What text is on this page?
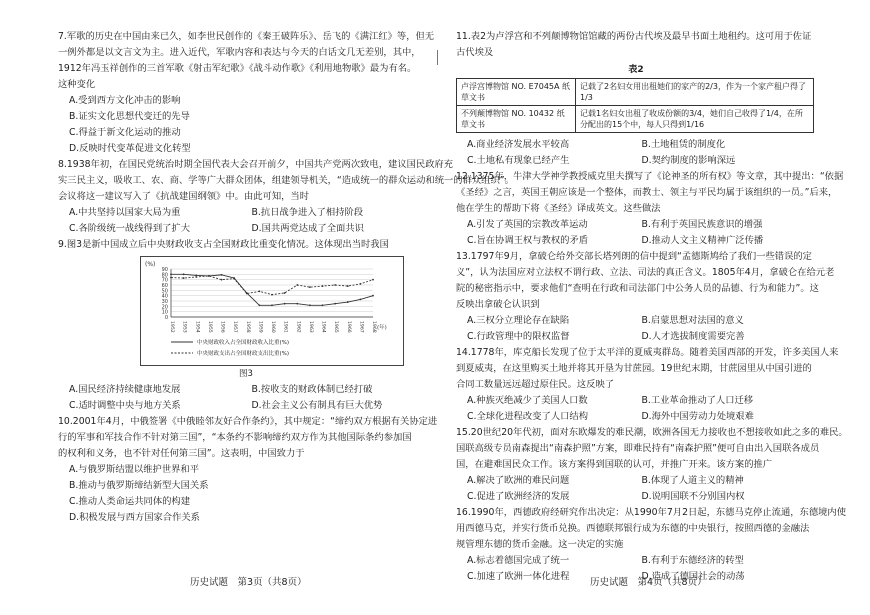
7.军歌的历史在中国由来已久，如李世民创作的《秦王破阵乐》、岳飞的《满江红》等，但无
一例外都是以文言文为主。进入近代，军歌内容和表达与今天的白话文几无差别，其中，
1912年冯玉祥创作的三首军歌《射击军纪歌》《战斗动作歌》《利用地物歌》最为有名。
这种变化
A.受到西方文化冲击的影响
B.证实文化思想代变迁的先导
C.得益于新文化运动的推动
D.反映时代变革促进文化转型
8.1938年初，在国民党统治时期全国代表大会召开前夕，中国共产党两次致电，建议国民政府充
实三民主义，吸收工、农、商、学等广大群众团体，组建领导机关，“造成统一的群众运动和统一的群众组织”。
会议将这一建议写入了《抗战建国纲领》中。由此可知，当时
A.中共坚持以国家大局为重	B.抗日战争进入了相持阶段
C.各阶级统一战线得到了扩大	D.国共两党达成了全面共识
9.图3是新中国成立后中央财政收支占全国财政比重变化情况。这体现出当时我国
(%)
0
10
20
30
40
50
60
70
80
90
1952 1953 1954 1955 1956 1957 1958 1959 1960 1961 1962 1963 1964 1965 1966 1967 1968 (年)
中央财政收入占全国财政收入比重(%)
中央财政支出占全国财政支出比重(%)
图3
A.国民经济持续健康地发展	B.按收支的财政体制已经打破
C.适时调整中央与地方关系	D.社会主义公有制具有巨大优势
10.2001年4月，中俄签署《中俄睦邻友好合作条约》，其中规定：“缔约双方根据有关协定进
行的军事和军技合作不针对第三国”，“本条约不影响缔约双方作为其他国际条约参加国
的权利和义务，也不针对任何第三国”。这表明，中国致力于
A.与俄罗斯结盟以维护世界和平
B.推动与俄罗斯缔结新型大国关系
C.推动人类命运共同体的构建
D.积极发展与西方国家合作关系
11.表2为卢浮宫和不列颠博物馆馆藏的两份古代埃及最早书面土地租约。这可用于佐证古代埃及
表2
卢浮宫博物馆 NO. E7045A 纸草文书	记载了2名妇女用出租她们的家产的2/3，作为一个家产租户得了1/3
不列颠博物馆 NO. 10432 纸草文书	记载1名妇女出租了收成份额的3/4，她们自己收得了1/4，在所分配出的15个中，每人只得到1/16
A.商业经济发展水平较高	B.土地租赁的制度化
C.土地私有现象已经产生	D.契约制度的影响深远
12.1375年，牛津大学神学教授威克里夫撰写了《论神圣的所有权》等文章，其中提出：“依据
《圣经》之言，英国王朝应该是一个整体，而教士、领主与平民均属于该组织的一员。”后来，
他在学生的帮助下将《圣经》译成英文。这些做法
A.引发了英国的宗教改革运动	B.有利于英国民族意识的增强
C.旨在协调王权与教权的矛盾	D.推动人文主义精神广泛传播
13.1797年9月，拿破仑给外交部长塔列朗的信中提到“孟德斯鸠给了我们一些错误的定
义”，认为法国应对立法权不谓行政、立法、司法的真正含义。1805年4月，拿破仑在给元老
院的秘密指示中，要求他们“查明在行政和司法部门中公务人员的品德、行为和能力”。这
反映出拿破仑认识到
A.三权分立理论存在缺陷	B.启蒙思想对法国的意义
C.行政管理中的限权监督	D.人才选拔制度需要完善
14.1778年，库克船长发现了位于太平洋的夏威夷群岛。随着美国西部的开发，许多美国人来
到夏威夷，在这里购买土地并将其开垦为甘蔗园。19世纪末期，甘蔗园里从中国引进的
合同工数量远远超过原住民。这反映了
A.种族灭绝减少了美国人口数	B.工业革命推动了人口迁移
C.全球化进程改变了人口结构	D.海外中国劳动力处境艰难
15.20世纪20年代初，面对东欧爆发的难民潮，欧洲各国无力接收也不想接收如此之多的难民。
国联高级专员南森提出“南森护照”方案，即难民持有“南森护照”便可自由出入国联各成员
国，在避难国民众工作。该方案得到国联的认可，并推广开来。该方案的推广
A.解决了欧洲的难民问题	B.体现了人道主义的精神
C.促进了欧洲经济的发展	D.说明国联不分别国内权
16.1990年，西德政府经研究作出决定：从1990年7月2日起，东德马克停止流通，东德境内使
用西德马克，并实行货币兑换。西德联邦银行成为东德的中央银行，按照西德的金融法
规管理东德的货币金融。这一决定的实施
A.标志着德国完成了统一	B.有利于东德经济的转型
C.加速了欧洲一体化进程	D.造成了德国社会的动荡
历史试题　第3页（共8页）	历史试题　第4页（共8页）
